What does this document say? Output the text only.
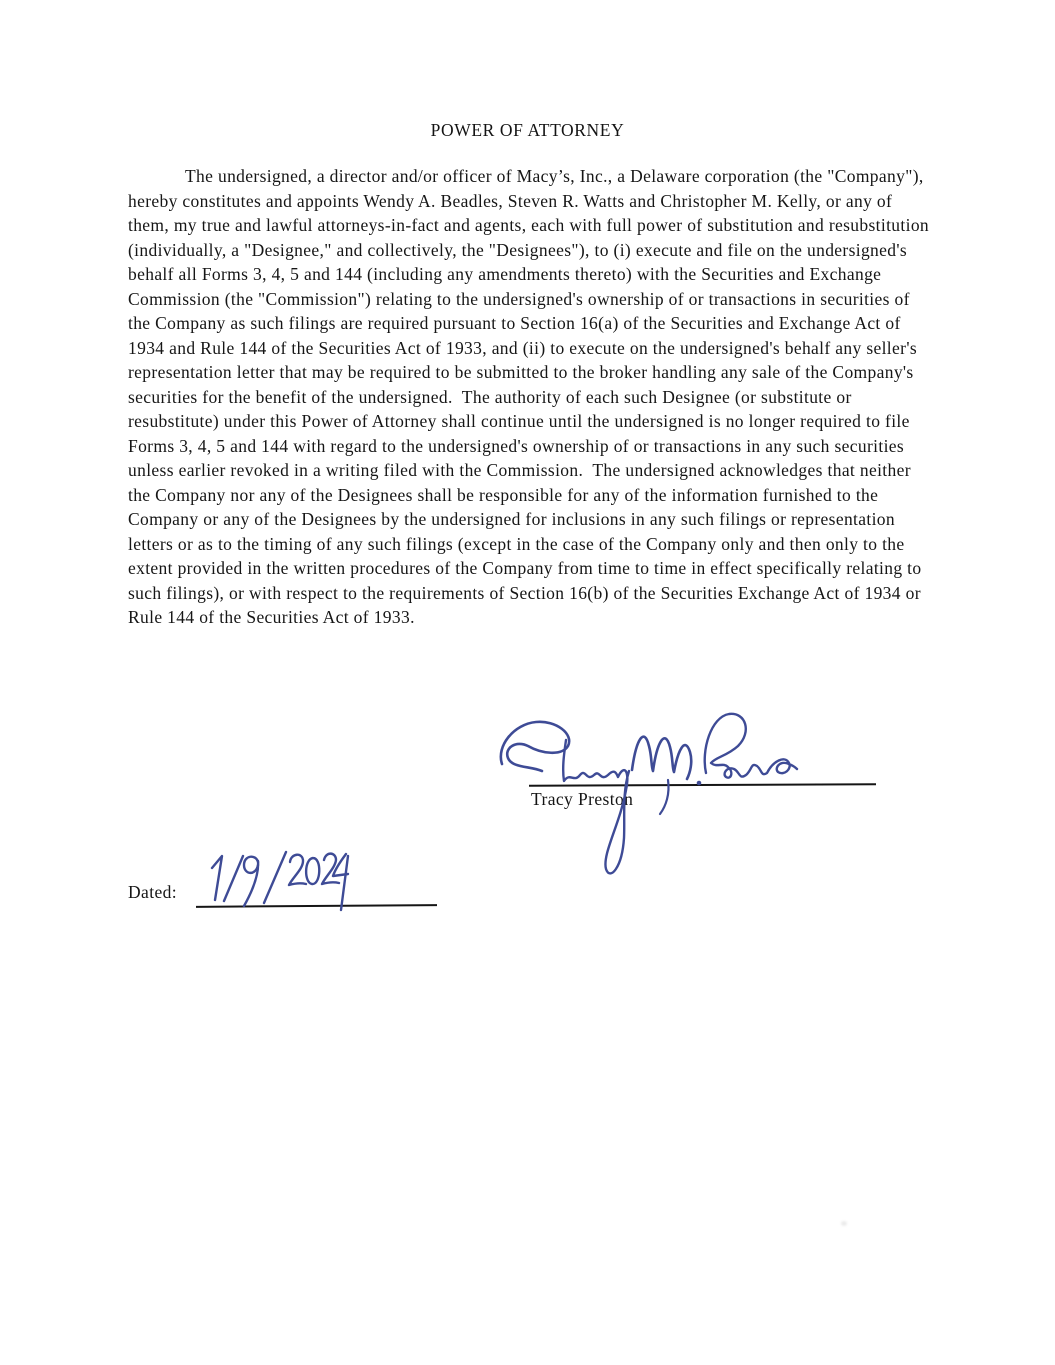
POWER OF ATTORNEY
The undersigned, a director and/or officer of Macy’s, Inc., a Delaware corporation (the "Company"), hereby constitutes and appoints Wendy A. Beadles, Steven R. Watts and Christopher M. Kelly, or any of them, my true and lawful attorneys-in-fact and agents, each with full power of substitution and resubstitution (individually, a "Designee," and collectively, the "Designees"), to (i) execute and file on the undersigned's behalf all Forms 3, 4, 5 and 144 (including any amendments thereto) with the Securities and Exchange Commission (the "Commission") relating to the undersigned's ownership of or transactions in securities of the Company as such filings are required pursuant to Section 16(a) of the Securities and Exchange Act of 1934 and Rule 144 of the Securities Act of 1933, and (ii) to execute on the undersigned's behalf any seller's representation letter that may be required to be submitted to the broker handling any sale of the Company's securities for the benefit of the undersigned.  The authority of each such Designee (or substitute or resubstitute) under this Power of Attorney shall continue until the undersigned is no longer required to file Forms 3, 4, 5 and 144 with regard to the undersigned's ownership of or transactions in any such securities unless earlier revoked in a writing filed with the Commission.  The undersigned acknowledges that neither the Company nor any of the Designees shall be responsible for any of the information furnished to the Company or any of the Designees by the undersigned for inclusions in any such filings or representation letters or as to the timing of any such filings (except in the case of the Company only and then only to the extent provided in the written procedures of the Company from time to time in effect specifically relating to such filings), or with respect to the requirements of Section 16(b) of the Securities Exchange Act of 1934 or Rule 144 of the Securities Act of 1933.
Tracy Preston
Dated:
